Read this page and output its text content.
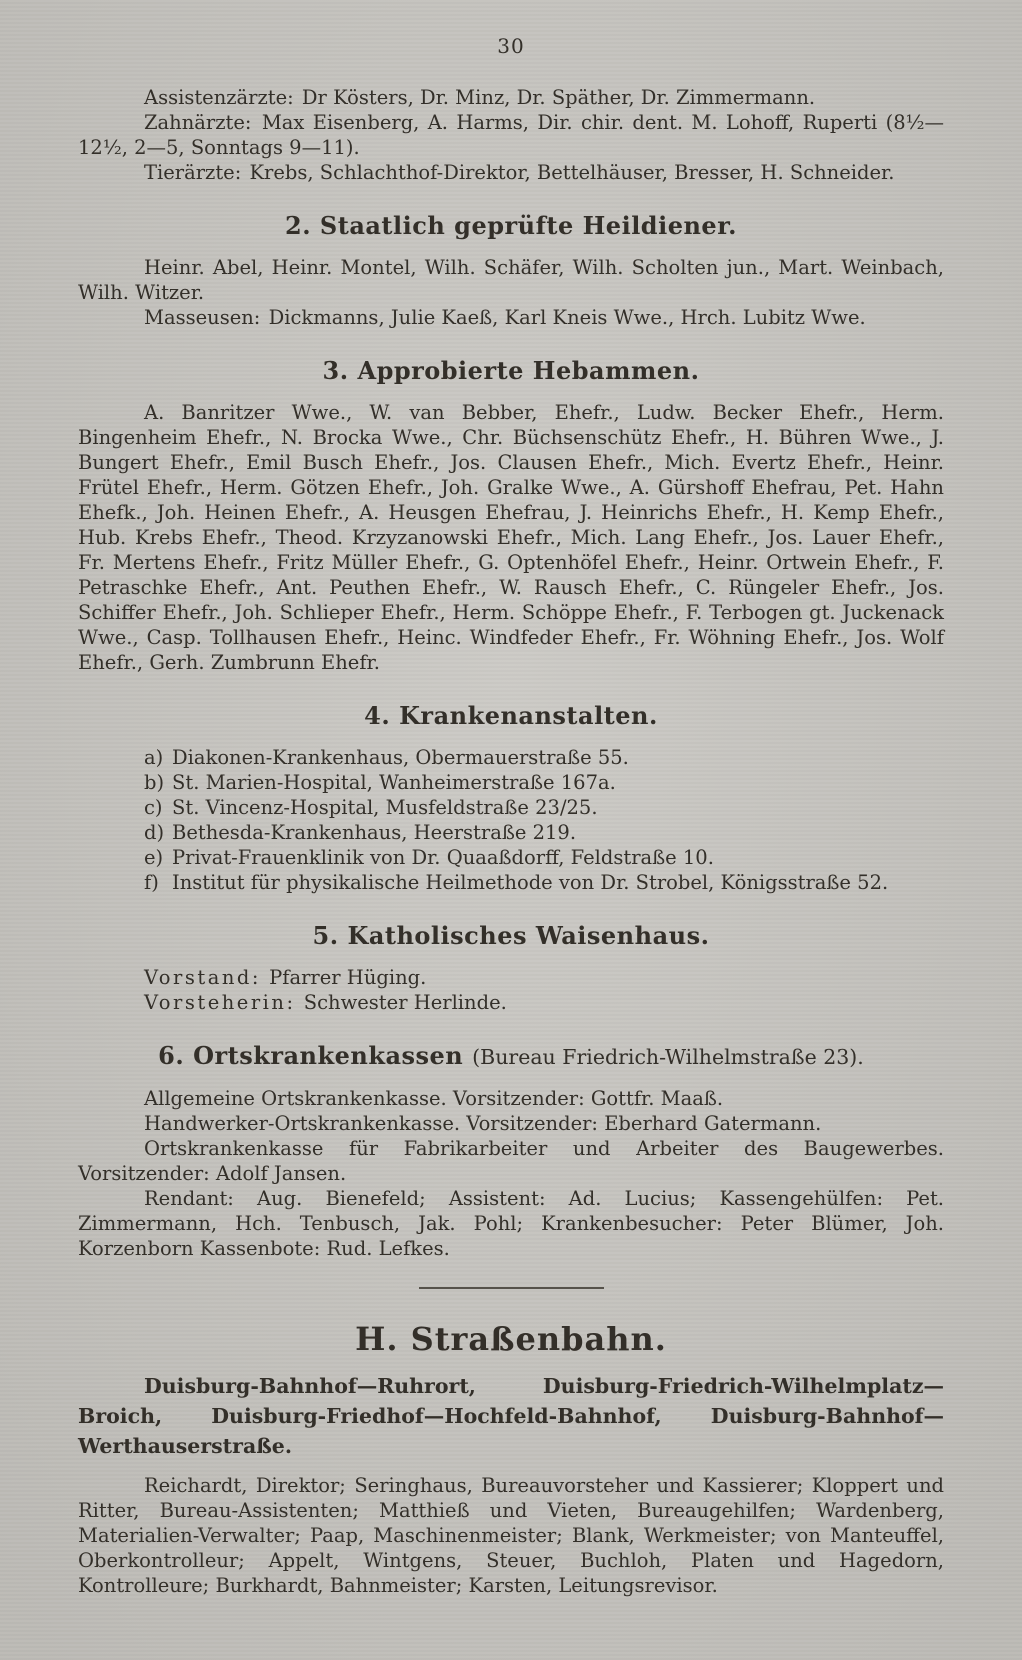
30

Assistenzärzte: Dr Kösters, Dr. Minz, Dr. Späther, Dr. Zimmermann.

Zahnärzte: Max Eisenberg, A. Harms, Dir. chir. dent. M. Lohoff, Ruperti (8½—12½, 2—5, Sonntags 9—11).

Tierärzte: Krebs, Schlachthof-Direktor, Bettelhäuser, Bresser, H. Schneider.

2. Staatlich geprüfte Heildiener.

Heinr. Abel, Heinr. Montel, Wilh. Schäfer, Wilh. Scholten jun., Mart. Weinbach, Wilh. Witzer.

Masseusen: Dickmanns, Julie Kaeß, Karl Kneis Wwe., Hrch. Lubitz Wwe.

3. Approbierte Hebammen.

A. Banritzer Wwe., W. van Bebber, Ehefr., Ludw. Becker Ehefr., Herm. Bingenheim Ehefr., N. Brocka Wwe., Chr. Büchsenschütz Ehefr., H. Bühren Wwe., J. Bungert Ehefr., Emil Busch Ehefr., Jos. Clausen Ehefr., Mich. Evertz Ehefr., Heinr. Frütel Ehefr., Herm. Götzen Ehefr., Joh. Gralke Wwe., A. Gürshoff Ehefrau, Pet. Hahn Ehefk., Joh. Heinen Ehefr., A. Heusgen Ehefrau, J. Heinrichs Ehefr., H. Kemp Ehefr., Hub. Krebs Ehefr., Theod. Krzyzanowski Ehefr., Mich. Lang Ehefr., Jos. Lauer Ehefr., Fr. Mertens Ehefr., Fritz Müller Ehefr., G. Optenhöfel Ehefr., Heinr. Ortwein Ehefr., F. Petraschke Ehefr., Ant. Peuthen Ehefr., W. Rausch Ehefr., C. Rüngeler Ehefr., Jos. Schiffer Ehefr., Joh. Schlieper Ehefr., Herm. Schöppe Ehefr., F. Terbogen gt. Juckenack Wwe., Casp. Tollhausen Ehefr., Heinc. Windfeder Ehefr., Fr. Wöhning Ehefr., Jos. Wolf Ehefr., Gerh. Zumbrunn Ehefr.

4. Krankenanstalten.

a) Diakonen-Krankenhaus, Obermauerstraße 55.

b) St. Marien-Hospital, Wanheimerstraße 167a.

c) St. Vincenz-Hospital, Musfeldstraße 23/25.

d) Bethesda-Krankenhaus, Heerstraße 219.

e) Privat-Frauenklinik von Dr. Quaaßdorff, Feldstraße 10.

f) Institut für physikalische Heilmethode von Dr. Strobel, Königsstraße 52.

5. Katholisches Waisenhaus.

Vorstand: Pfarrer Hüging.

Vorsteherin: Schwester Herlinde.

6. Ortskrankenkassen (Bureau Friedrich-Wilhelmstraße 23).

Allgemeine Ortskrankenkasse. Vorsitzender: Gottfr. Maaß.

Handwerker-Ortskrankenkasse. Vorsitzender: Eberhard Gatermann.

Ortskrankenkasse für Fabrikarbeiter und Arbeiter des Baugewerbes. Vorsitzender: Adolf Jansen.

Rendant: Aug. Bienefeld; Assistent: Ad. Lucius; Kassengehülfen: Pet. Zimmermann, Hch. Tenbusch, Jak. Pohl; Krankenbesucher: Peter Blümer, Joh. Korzenborn Kassenbote: Rud. Lefkes.

H. Straßenbahn.

Duisburg-Bahnhof—Ruhrort, Duisburg-Friedrich-Wilhelmplatz—Broich, Duisburg-Friedhof—Hochfeld-Bahnhof, Duisburg-Bahnhof—Werthauserstraße.

Reichardt, Direktor; Seringhaus, Bureauvorsteher und Kassierer; Kloppert und Ritter, Bureau-Assistenten; Matthieß und Vieten, Bureaugehilfen; Wardenberg, Materialien-Verwalter; Paap, Maschinenmeister; Blank, Werkmeister; von Manteuffel, Oberkontrolleur; Appelt, Wintgens, Steuer, Buchloh, Platen und Hagedorn, Kontrolleure; Burkhardt, Bahnmeister; Karsten, Leitungsrevisor.
